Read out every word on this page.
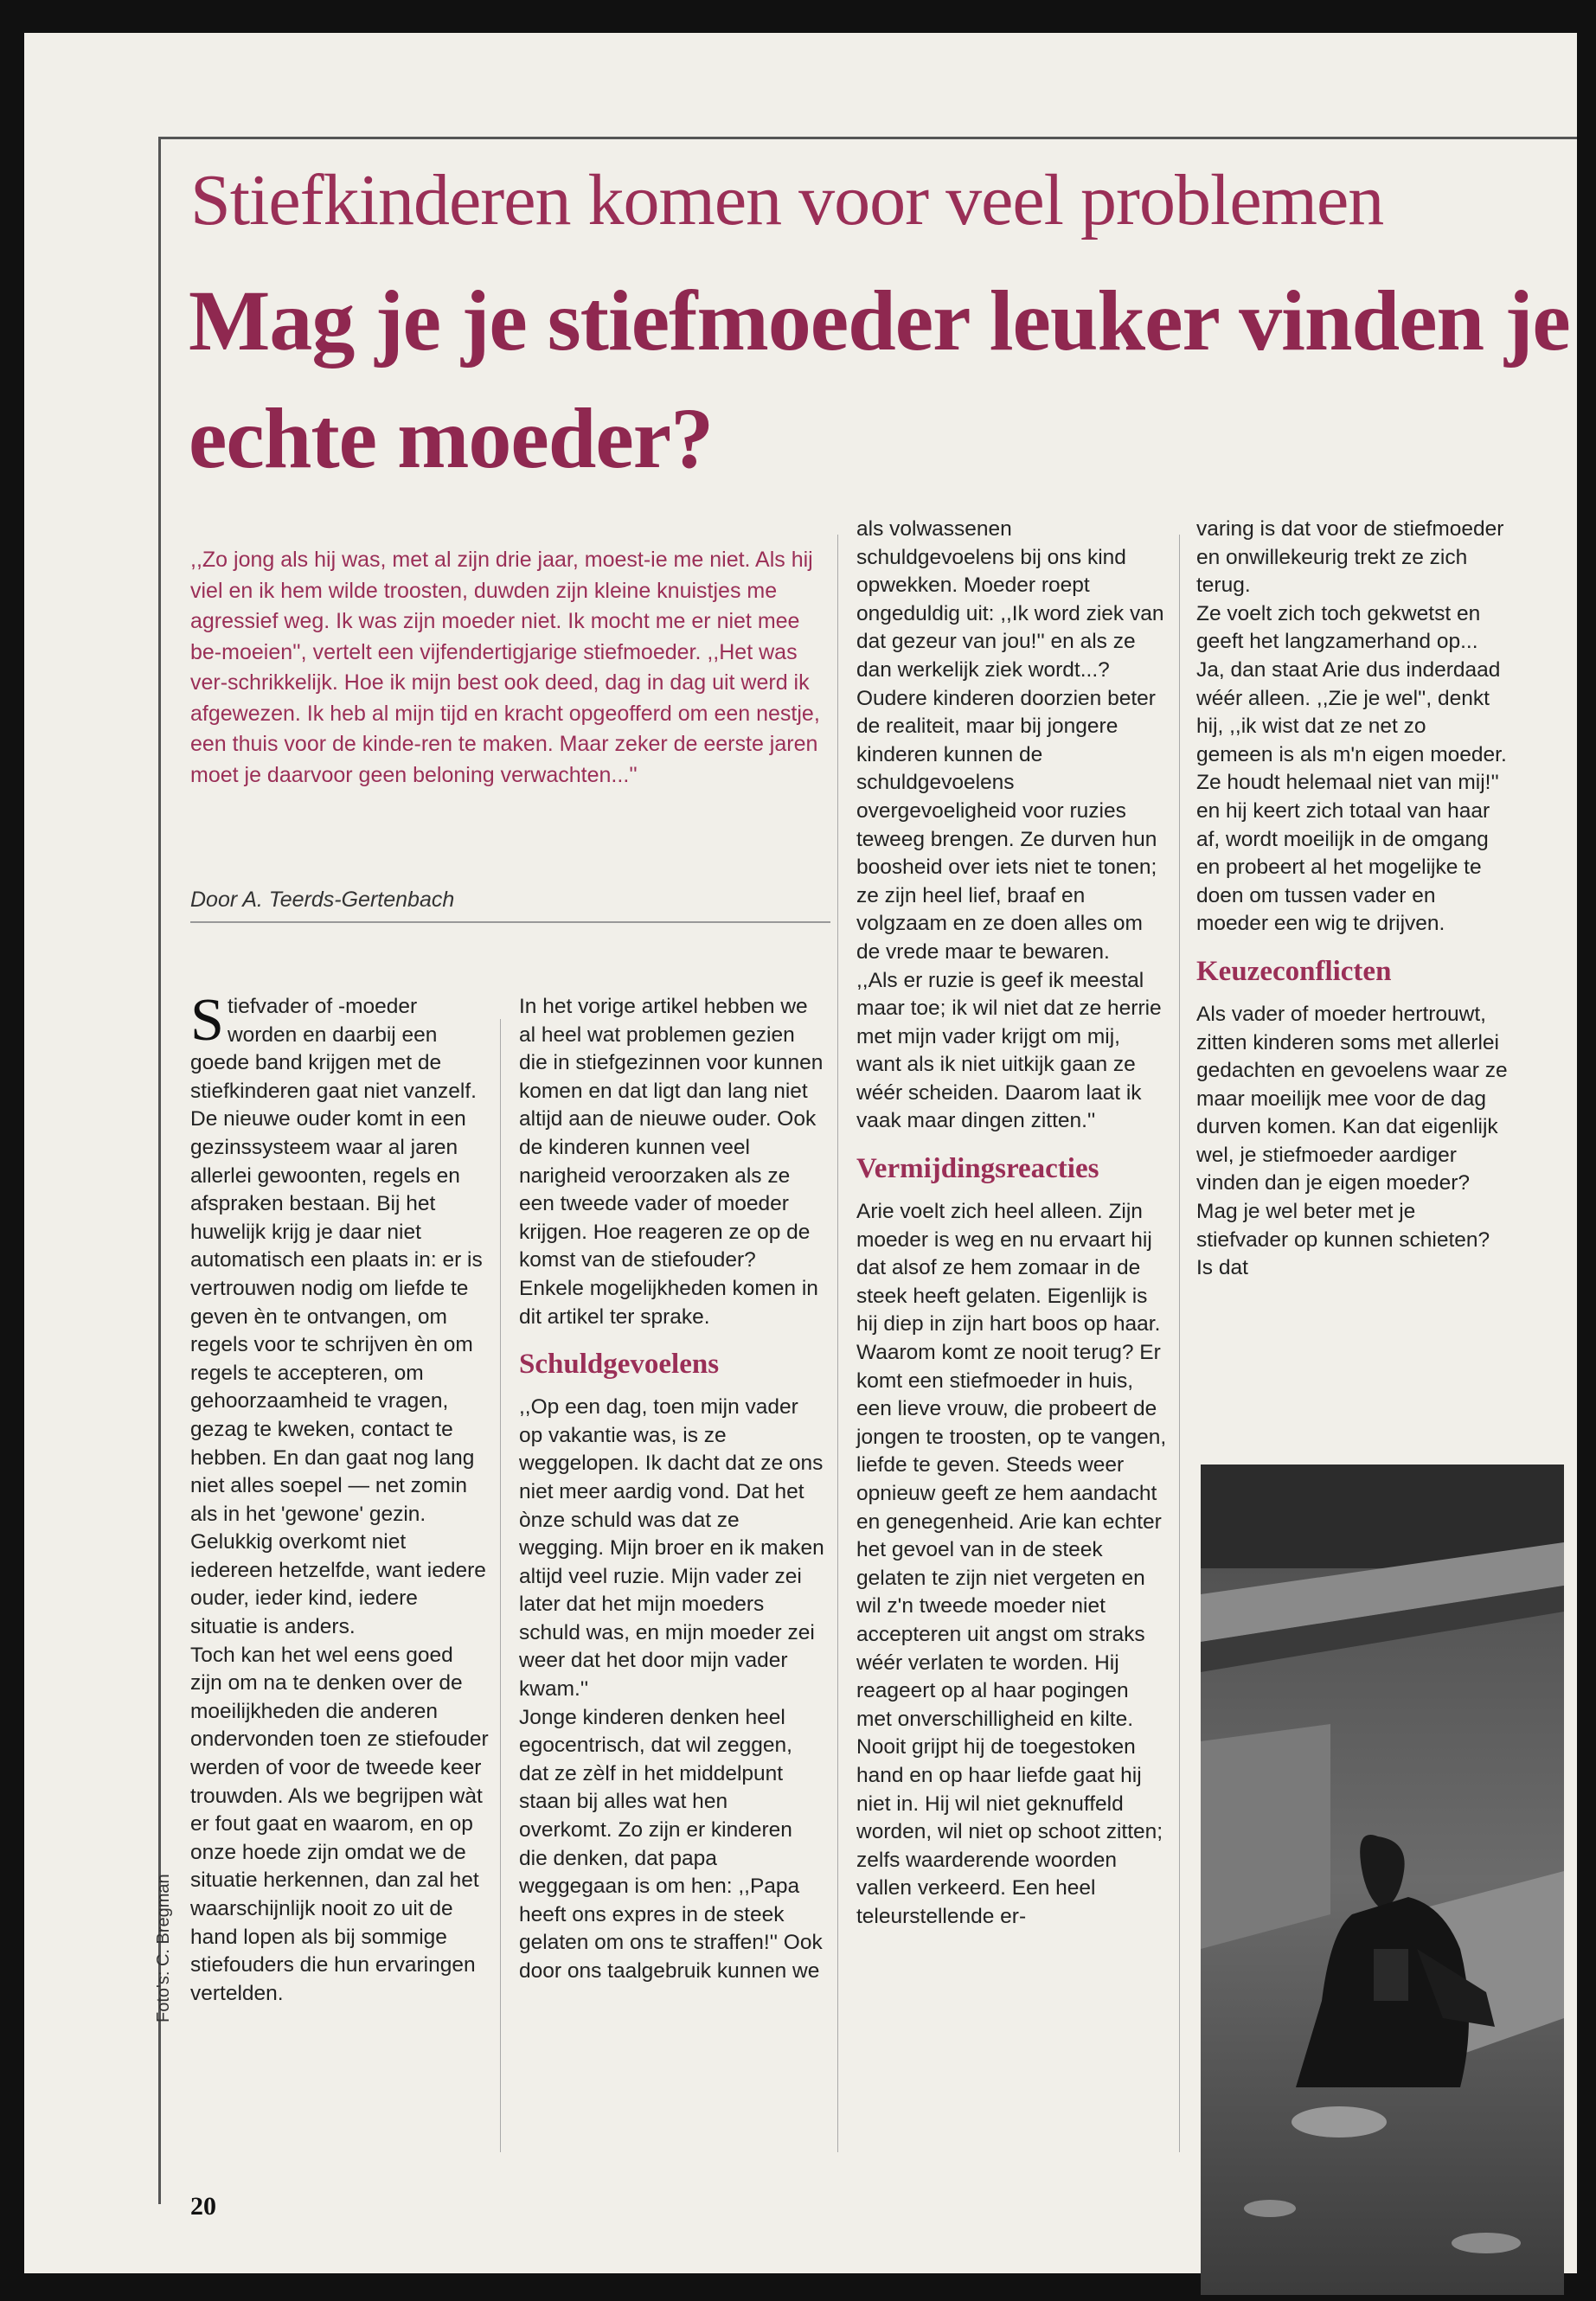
Stiefkinderen komen voor veel problemen
Mag je je stiefmoeder leuker vinden je echte moeder?
,,Zo jong als hij was, met al zijn drie jaar, moest-ie me niet. Als hij viel en ik hem wilde troosten, duwden zijn kleine knuistjes me agressief weg. Ik was zijn moeder niet. Ik mocht me er niet mee be-moeien'', vertelt een vijfendertigjarige stiefmoeder. ,,Het was ver-schrikkelijk. Hoe ik mijn best ook deed, dag in dag uit werd ik afgewezen. Ik heb al mijn tijd en kracht opgeofferd om een nestje, een thuis voor de kinde-ren te maken. Maar zeker de eerste jaren moet je daarvoor geen beloning verwachten...''
Door A. Teerds-Gertenbach

Stiefvader of -moeder worden en daarbij een goede band krijgen met de stiefkinderen gaat niet vanzelf. De nieuwe ouder komt in een gezinssysteem waar al jaren allerlei gewoonten, regels en afspraken bestaan. Bij het huwelijk krijg je daar niet automatisch een plaats in: er is vertrouwen nodig om liefde te geven èn te ontvangen, om regels voor te schrijven èn om regels te accepteren, om gehoorzaamheid te vragen, gezag te kweken, contact te hebben. En dan gaat nog lang niet alles soepel — net zomin als in het 'gewone' gezin. Gelukkig overkomt niet iedereen hetzelfde, want iedere ouder, ieder kind, iedere situatie is anders.

Toch kan het wel eens goed zijn om na te denken over de moeilijkheden die anderen ondervonden toen ze stiefouder werden of voor de tweede keer trouwden. Als we begrijpen wàt er fout gaat en waarom, en op onze hoede zijn omdat we de situatie herkennen, dan zal het waarschijnlijk nooit zo uit de hand lopen als bij sommige stiefouders die hun ervaringen vertelden.

In het vorige artikel hebben we al heel wat problemen gezien die in stiefgezinnen voor kunnen komen en dat ligt dan lang niet altijd aan de nieuwe ouder. Ook de kinderen kunnen veel narigheid veroorzaken als ze een tweede vader of moeder krijgen. Hoe reageren ze op de komst van de stiefouder? Enkele mogelijkheden komen in dit artikel ter sprake.

Schuldgevoelens

,,Op een dag, toen mijn vader op vakantie was, is ze weggelopen. Ik dacht dat ze ons niet meer aardig vond. Dat het ònze schuld was dat ze wegging. Mijn broer en ik maken altijd veel ruzie. Mijn vader zei later dat het mijn moeders schuld was, en mijn moeder zei weer dat het door mijn vader kwam.''

Jonge kinderen denken heel egocentrisch, dat wil zeggen, dat ze zèlf in het middelpunt staan bij alles wat hen overkomt. Zo zijn er kinderen die denken, dat papa weggegaan is om hen: ,,Papa heeft ons expres in de steek gelaten om ons te straffen!'' Ook door ons taalgebruik kunnen we

als volwassenen schuldgevoelens bij ons kind opwekken. Moeder roept ongeduldig uit: ,,Ik word ziek van dat gezeur van jou!'' en als ze dan werkelijk ziek wordt...? Oudere kinderen doorzien beter de realiteit, maar bij jongere kinderen kunnen de schuldgevoelens overgevoeligheid voor ruzies teweeg brengen. Ze durven hun boosheid over iets niet te tonen; ze zijn heel lief, braaf en volgzaam en ze doen alles om de vrede maar te bewaren.

,,Als er ruzie is geef ik meestal maar toe; ik wil niet dat ze herrie met mijn vader krijgt om mij, want als ik niet uitkijk gaan ze wéér scheiden. Daarom laat ik vaak maar dingen zitten.''

Vermijdingsreacties

Arie voelt zich heel alleen. Zijn moeder is weg en nu ervaart hij dat alsof ze hem zomaar in de steek heeft gelaten. Eigenlijk is hij diep in zijn hart boos op haar. Waarom komt ze nooit terug? Er komt een stiefmoeder in huis, een lieve vrouw, die probeert de jongen te troosten, op te vangen, liefde te geven. Steeds weer opnieuw geeft ze hem aandacht en genegenheid. Arie kan echter het gevoel van in de steek gelaten te zijn niet vergeten en wil z'n tweede moeder niet accepteren uit angst om straks wéér verlaten te worden. Hij reageert op al haar pogingen met onverschilligheid en kilte. Nooit grijpt hij de toegestoken hand en op haar liefde gaat hij niet in. Hij wil niet geknuffeld worden, wil niet op schoot zitten; zelfs waarderende woorden vallen verkeerd. Een heel teleurstellende er-

varing is dat voor de stiefmoeder en onwillekeurig trekt ze zich terug.

Ze voelt zich toch gekwetst en geeft het langzamerhand op... Ja, dan staat Arie dus inderdaad wéér alleen. ,,Zie je wel'', denkt hij, ,,ik wist dat ze net zo gemeen is als m'n eigen moeder. Ze houdt helemaal niet van mij!'' en hij keert zich totaal van haar af, wordt moeilijk in de omgang en probeert al het mogelijke te doen om tussen vader en moeder een wig te drijven.

Keuzeconflicten

Als vader of moeder hertrouwt, zitten kinderen soms met allerlei gedachten en gevoelens waar ze maar moeilijk mee voor de dag durven komen. Kan dat eigenlijk wel, je stiefmoeder aardiger vinden dan je eigen moeder? Mag je wel beter met je stiefvader op kunnen schieten? Is dat

Foto's: C. Bregman
20
